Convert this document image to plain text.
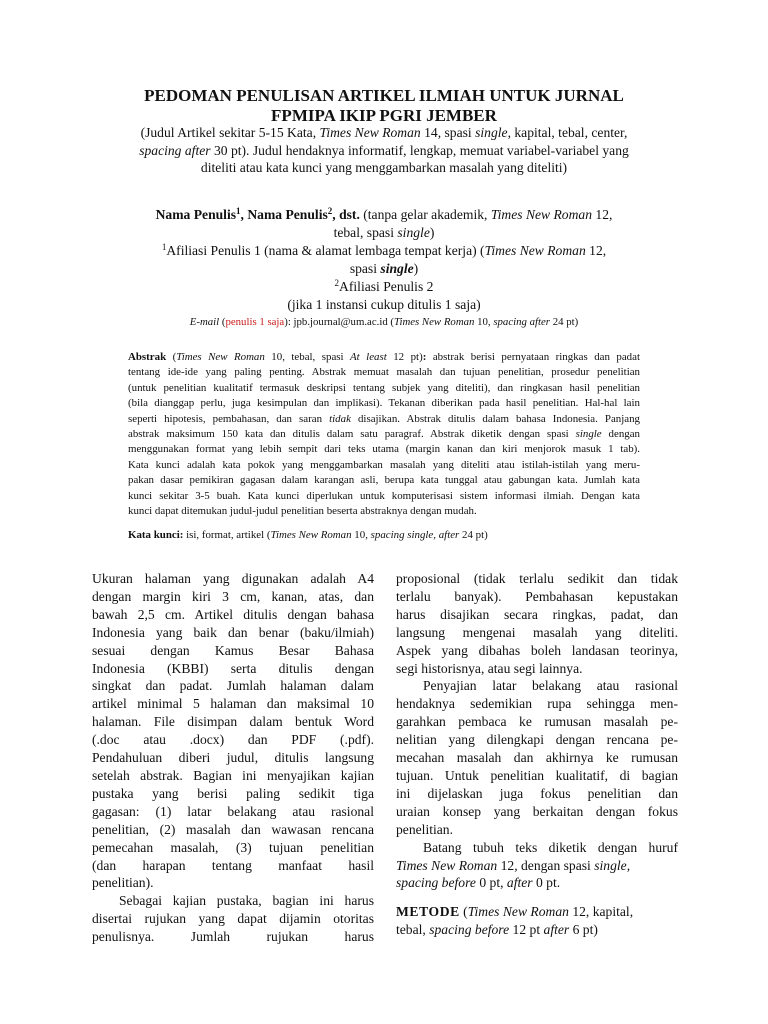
PEDOMAN PENULISAN ARTIKEL ILMIAH UNTUK JURNAL
FPMIPA IKIP PGRI JEMBER
(Judul Artikel sekitar 5-15 Kata, Times New Roman 14, spasi single, kapital, tebal, center,
spacing after 30 pt). Judul hendaknya informatif, lengkap, memuat variabel-variabel yang
diteliti atau kata kunci yang menggambarkan masalah yang diteliti)
Nama Penulis$^1$, Nama Penulis$^2$, dst. (tanpa gelar akademik, Times New Roman 12,
tebal, spasi single)
$^1$Afiliasi Penulis 1 (nama & alamat lembaga tempat kerja) (Times New Roman 12,
spasi single)
$^2$Afiliasi Penulis 2
(jika 1 instansi cukup ditulis 1 saja)
E-mail (penulis 1 saja): jpb.journal@um.ac.id (Times New Roman 10, spacing after 24 pt)
Abstrak (Times New Roman 10, tebal, spasi At least 12 pt): abstrak berisi pernyataan ringkas dan padat
tentang ide-ide yang paling penting. Abstrak memuat masalah dan tujuan penelitian, prosedur penelitian
(untuk penelitian kualitatif termasuk deskripsi tentang subjek yang diteliti), dan ringkasan hasil penelitian
(bila dianggap perlu, juga kesimpulan dan implikasi). Tekanan diberikan pada hasil penelitian. Hal-hal lain
seperti hipotesis, pembahasan, dan saran tidak disajikan. Abstrak ditulis dalam bahasa Indonesia. Panjang
abstrak maksimum 150 kata dan ditulis dalam satu paragraf. Abstrak diketik dengan spasi single dengan
menggunakan format yang lebih sempit dari teks utama (margin kanan dan kiri menjorok masuk 1 tab).
Kata kunci adalah kata pokok yang menggambarkan masalah yang diteliti atau istilah-istilah yang meru-
pakan dasar pemikiran gagasan dalam karangan asli, berupa kata tunggal atau gabungan kata. Jumlah kata
kunci sekitar 3-5 buah. Kata kunci diperlukan untuk komputerisasi sistem informasi ilmiah. Dengan kata
kunci dapat ditemukan judul-judul penelitian beserta abstraknya dengan mudah.
Kata kunci: isi, format, artikel (Times New Roman 10, spacing single, after 24 pt)
Ukuran halaman yang digunakan adalah A4
dengan margin kiri 3 cm, kanan, atas, dan
bawah 2,5 cm. Artikel ditulis dengan bahasa
Indonesia yang baik dan benar (baku/ilmiah)
sesuai dengan Kamus Besar Bahasa
Indonesia (KBBI) serta ditulis dengan
singkat dan padat. Jumlah halaman dalam
artikel minimal 5 halaman dan maksimal 10
halaman. File disimpan dalam bentuk Word
(.doc atau .docx) dan PDF (.pdf).
Pendahuluan diberi judul, ditulis langsung
setelah abstrak. Bagian ini menyajikan kajian
pustaka yang berisi paling sedikit tiga
gagasan: (1) latar belakang atau rasional
penelitian, (2) masalah dan wawasan rencana
pemecahan masalah, (3) tujuan penelitian
(dan harapan tentang manfaat hasil
penelitian).
Sebagai kajian pustaka, bagian ini harus
disertai rujukan yang dapat dijamin otoritas
penulisnya. Jumlah rujukan harus
proposional (tidak terlalu sedikit dan tidak
terlalu banyak). Pembahasan kepustakan
harus disajikan secara ringkas, padat, dan
langsung mengenai masalah yang diteliti.
Aspek yang dibahas boleh landasan teorinya,
segi historisnya, atau segi lainnya.
Penyajian latar belakang atau rasional
hendaknya sedemikian rupa sehingga men-
garahkan pembaca ke rumusan masalah pe-
nelitian yang dilengkapi dengan rencana pe-
mecahan masalah dan akhirnya ke rumusan
tujuan. Untuk penelitian kualitatif, di bagian
ini dijelaskan juga fokus penelitian dan
uraian konsep yang berkaitan dengan fokus
penelitian.
Batang tubuh teks diketik dengan huruf
Times New Roman 12, dengan spasi single,
spacing before 0 pt, after 0 pt.
METODE (Times New Roman 12, kapital,
tebal, spacing before 12 pt after 6 pt)
